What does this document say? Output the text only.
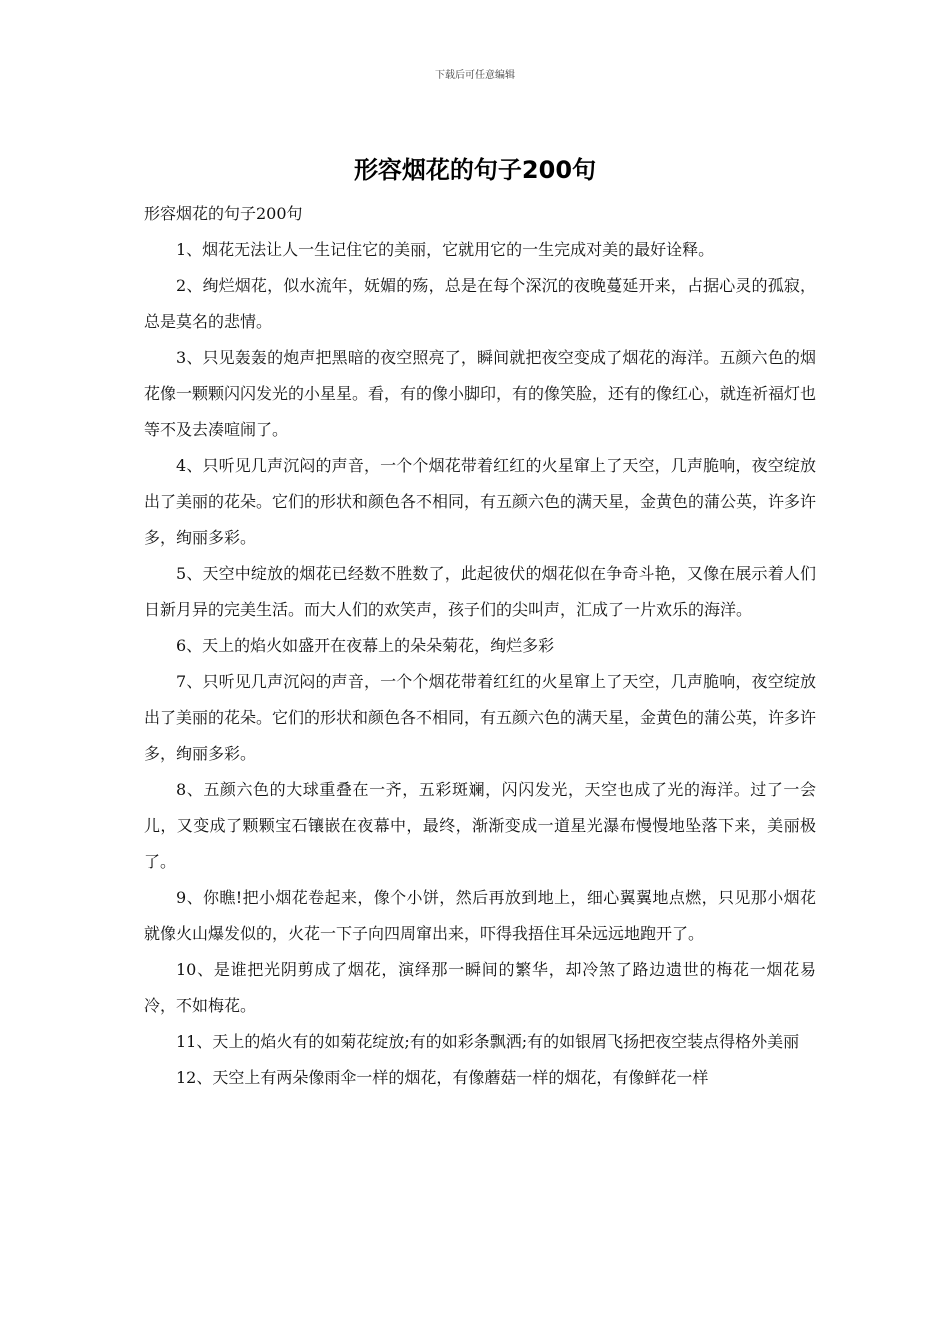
下载后可任意编辑
形容烟花的句子200句

形容烟花的句子200句

1、烟花无法让人一生记住它的美丽，它就用它的一生完成对美的最好诠释。

2、绚烂烟花，似水流年，妩媚的殇，总是在每个深沉的夜晚蔓延开来，占据心灵的孤寂，总是莫名的悲情。

3、只见轰轰的炮声把黑暗的夜空照亮了，瞬间就把夜空变成了烟花的海洋。五颜六色的烟花像一颗颗闪闪发光的小星星。看，有的像小脚印，有的像笑脸，还有的像红心，就连祈福灯也等不及去凑喧闹了。

4、只听见几声沉闷的声音，一个个烟花带着红红的火星窜上了天空，几声脆响，夜空绽放出了美丽的花朵。它们的形状和颜色各不相同，有五颜六色的满天星，金黄色的蒲公英，许多许多，绚丽多彩。

5、天空中绽放的烟花已经数不胜数了，此起彼伏的烟花似在争奇斗艳，又像在展示着人们日新月异的完美生活。而大人们的欢笑声，孩子们的尖叫声，汇成了一片欢乐的海洋。

6、天上的焰火如盛开在夜幕上的朵朵菊花，绚烂多彩

7、只听见几声沉闷的声音，一个个烟花带着红红的火星窜上了天空，几声脆响，夜空绽放出了美丽的花朵。它们的形状和颜色各不相同，有五颜六色的满天星，金黄色的蒲公英，许多许多，绚丽多彩。

8、五颜六色的大球重叠在一齐，五彩斑斓，闪闪发光，天空也成了光的海洋。过了一会儿，又变成了颗颗宝石镶嵌在夜幕中，最终，渐渐变成一道星光瀑布慢慢地坠落下来，美丽极了。

9、你瞧!把小烟花卷起来，像个小饼，然后再放到地上，细心翼翼地点燃，只见那小烟花就像火山爆发似的，火花一下子向四周窜出来，吓得我捂住耳朵远远地跑开了。

10、是谁把光阴剪成了烟花，演绎那一瞬间的繁华，却冷煞了路边遗世的梅花一烟花易冷，不如梅花。

11、天上的焰火有的如菊花绽放;有的如彩条飘洒;有的如银屑飞扬把夜空装点得格外美丽

12、天空上有两朵像雨伞一样的烟花，有像蘑菇一样的烟花，有像鲜花一样
